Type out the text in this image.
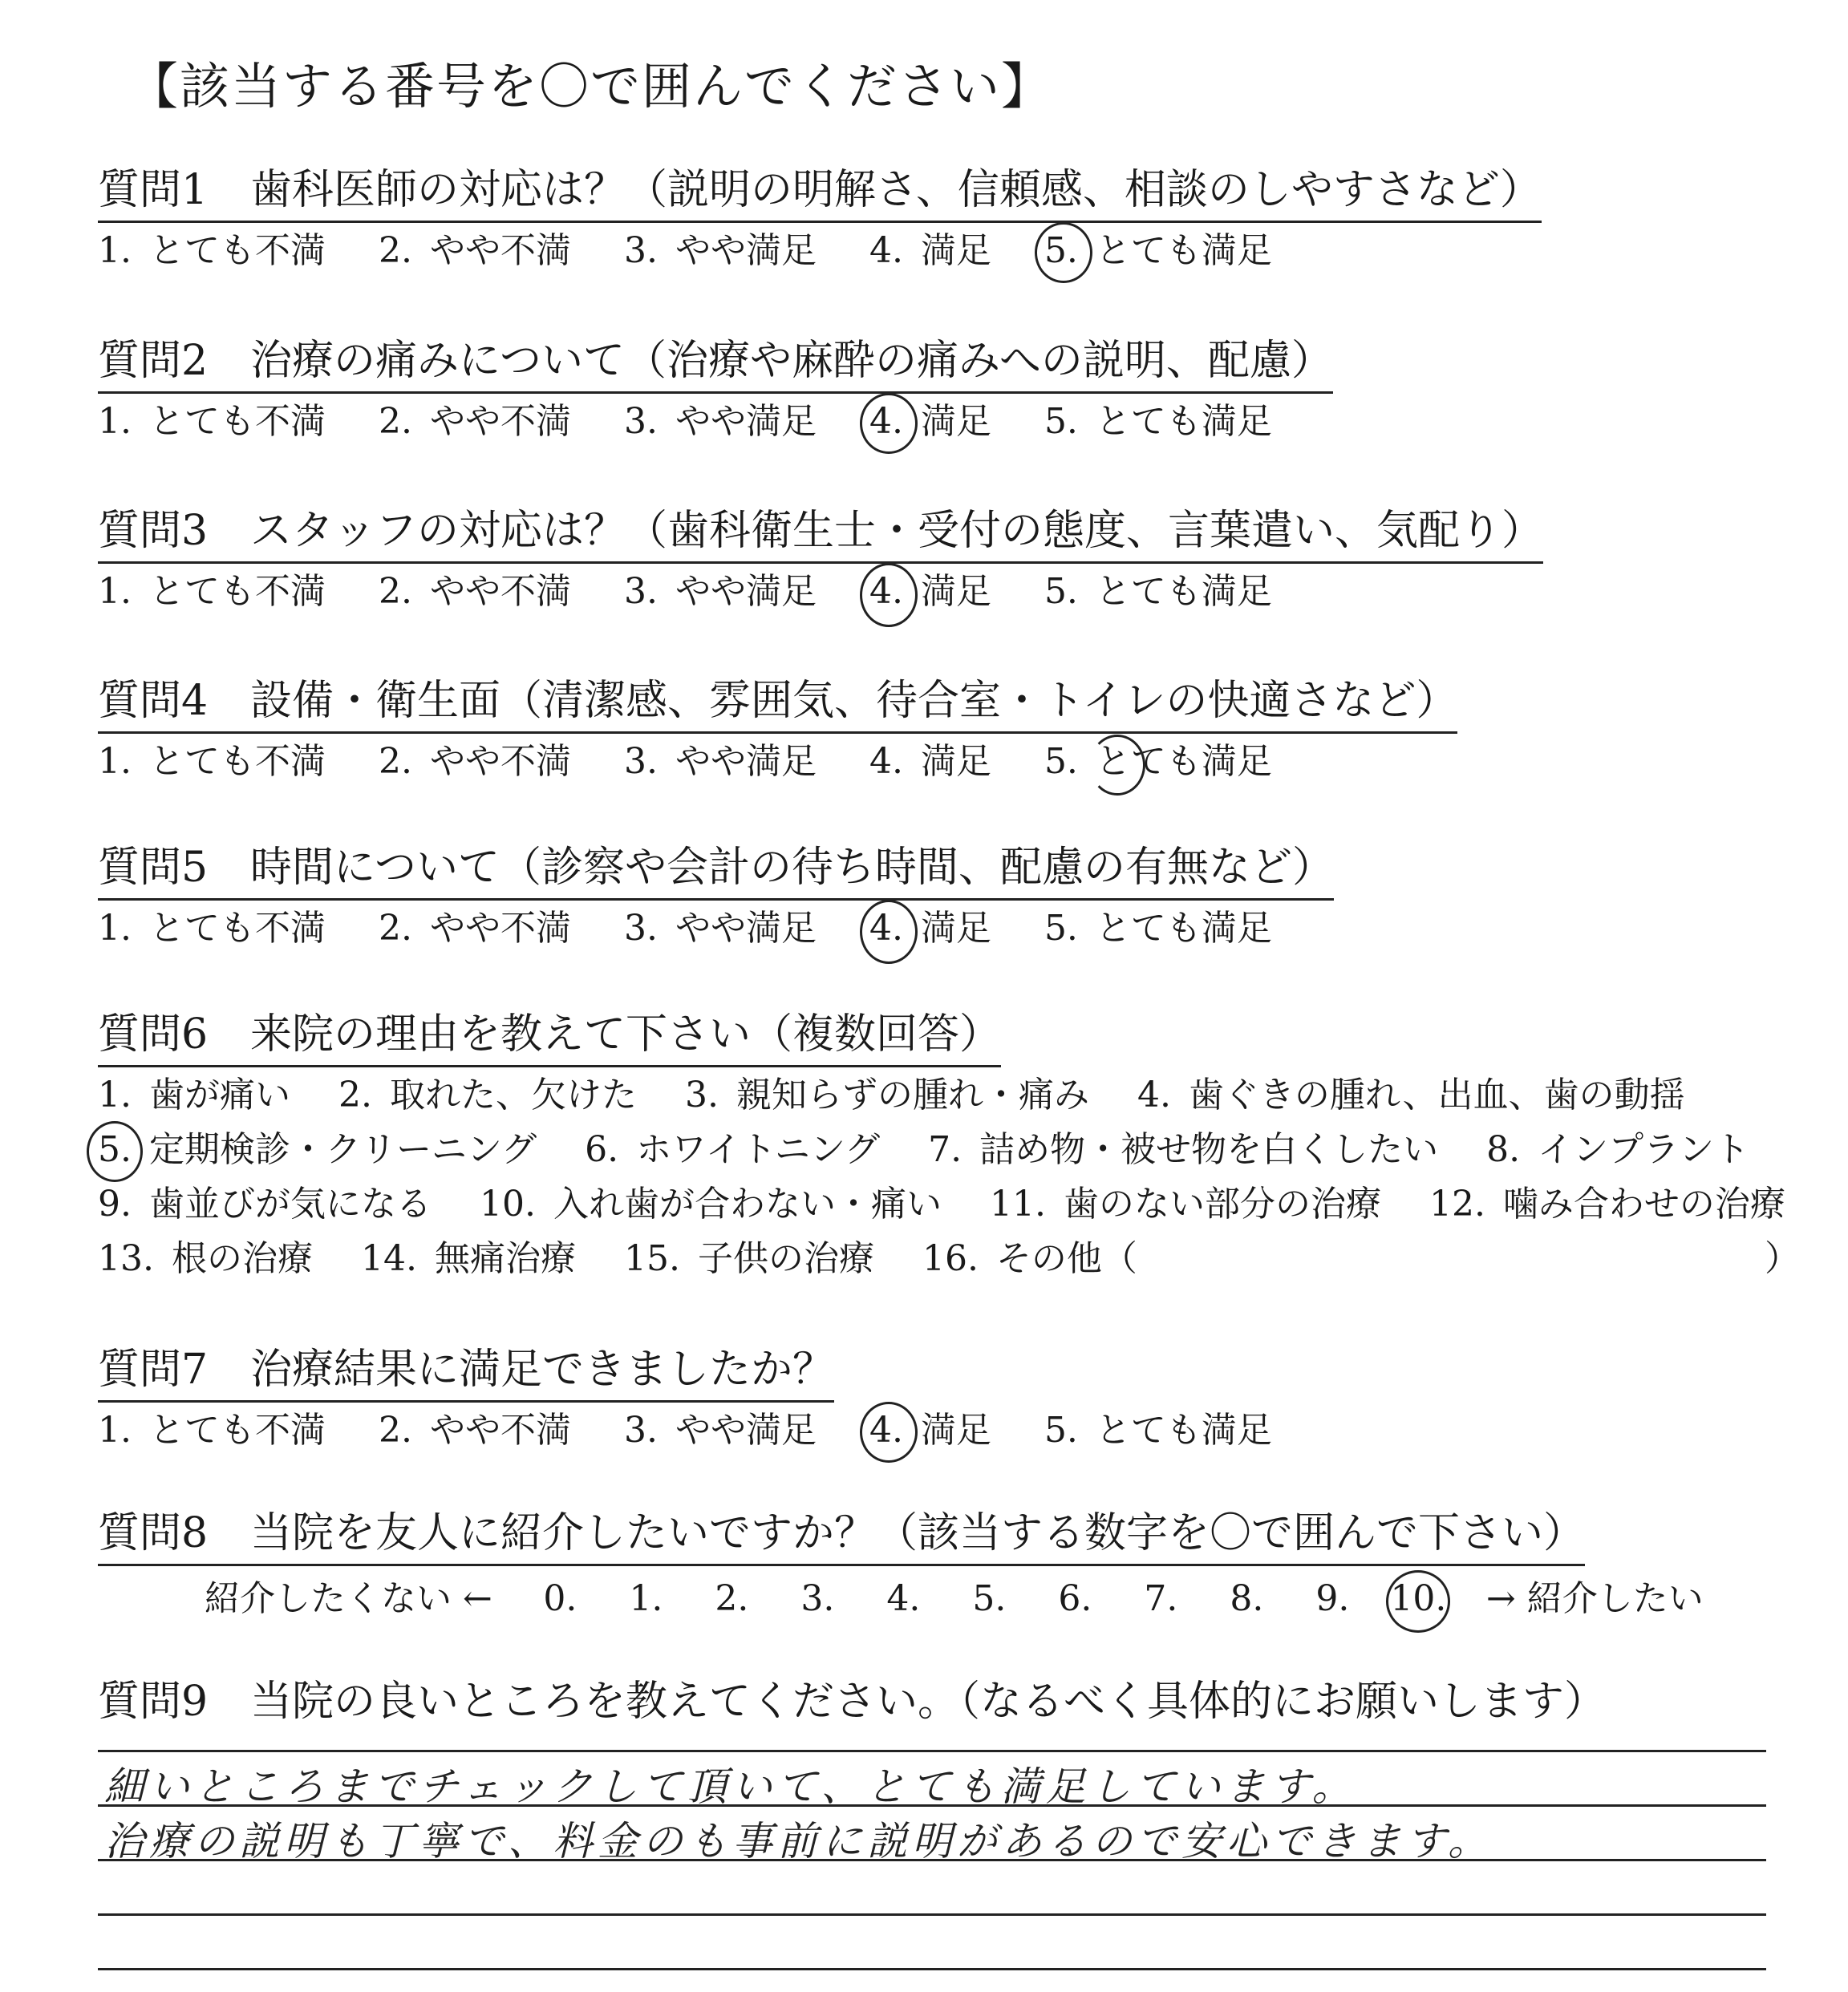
【該当する番号を〇で囲んでください】
質問1 歯科医師の対応は？（説明の明解さ、信頼感、相談のしやすさなど）
1. とても不満 2. やや不満 3. やや満足 4. 満足 5. とても満足
質問2 治療の痛みについて（治療や麻酔の痛みへの説明、配慮）
1. とても不満 2. やや不満 3. やや満足 4. 満足 5. とても満足
質問3 スタッフの対応は？（歯科衛生士・受付の態度、言葉遣い、気配り）
1. とても不満 2. やや不満 3. やや満足 4. 満足 5. とても満足
質問4 設備・衛生面（清潔感、雰囲気、待合室・トイレの快適さなど）
1. とても不満 2. やや不満 3. やや満足 4. 満足 5. とても満足
質問5 時間について（診察や会計の待ち時間、配慮の有無など）
1. とても不満 2. やや不満 3. やや満足 4. 満足 5. とても満足
質問6 来院の理由を教えて下さい（複数回答）
1. 歯が痛い 2. 取れた、欠けた 3. 親知らずの腫れ・痛み 4. 歯ぐきの腫れ、出血、歯の動揺
5. 定期検診・クリーニング 6. ホワイトニング 7. 詰め物・被せ物を白くしたい 8. インプラント
9. 歯並びが気になる 10. 入れ歯が合わない・痛い 11. 歯のない部分の治療 12. 噛み合わせの治療
13. 根の治療 14. 無痛治療 15. 子供の治療 16. その他（	）
質問7 治療結果に満足できましたか？
1. とても不満 2. やや不満 3. やや満足 4. 満足 5. とても満足
質問8 当院を友人に紹介したいですか？（該当する数字を〇で囲んで下さい）
紹介したくない ← 0. 1. 2. 3. 4. 5. 6. 7. 8. 9. 10. → 紹介したい
質問9 当院の良いところを教えてください。（なるべく具体的にお願いします）
細いところまでチェックして頂いて、とても満足しています。
治療の説明も丁寧で、料金のも事前に説明があるので安心できます。
